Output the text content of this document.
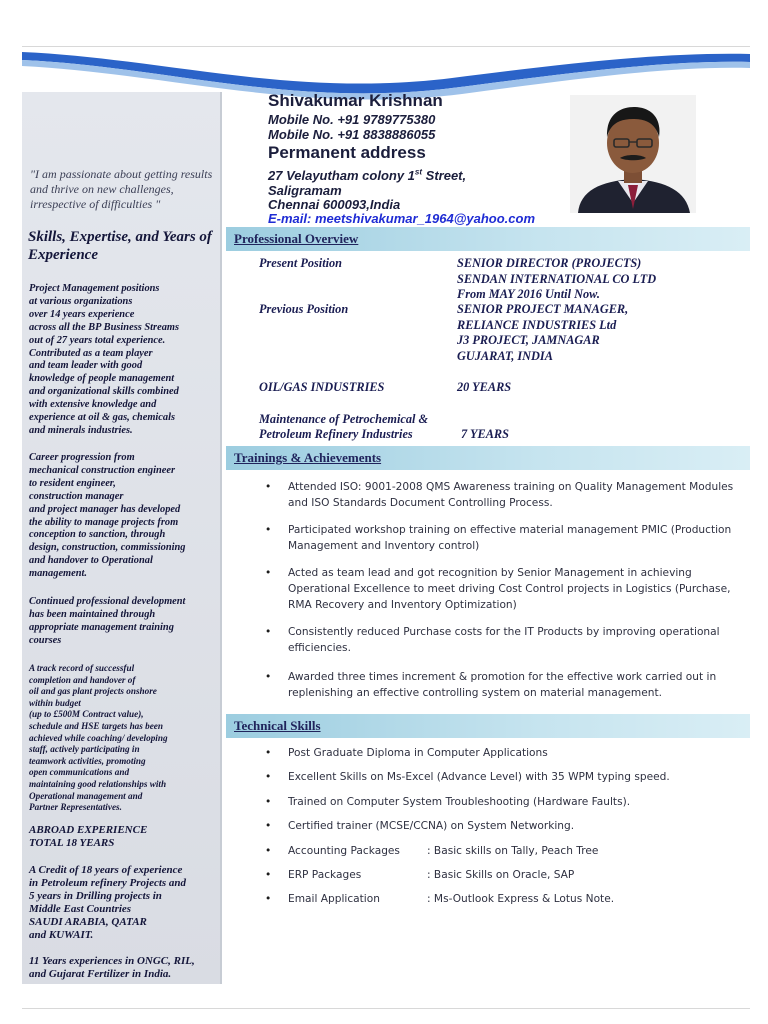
"I am passionate about getting results and thrive on new challenges, irrespective of difficulties "
Skills, Expertise, and Years of Experience
Project Management positions
at various organizations
over 14 years experience
across all the BP Business Streams
out of 27 years total experience.
Contributed as a team player
and team leader with good
knowledge of people management
and organizational skills combined
with extensive knowledge and
experience at oil & gas, chemicals
and minerals industries.
Career progression from
mechanical construction engineer
to resident engineer,
construction manager
and project manager has developed
the ability to manage projects from
conception to sanction, through
design, construction, commissioning
and handover to Operational
management.
Continued professional development
has been maintained through
appropriate management training
courses
A track record of successful
completion and handover of
oil and gas plant projects onshore
within budget
(up to £500M Contract value),
schedule and HSE targets has been
achieved while coaching/ developing
staff, actively participating in
teamwork activities, promoting
open communications and
maintaining good relationships with
Operational management and
Partner Representatives.
ABROAD EXPERIENCE
TOTAL 18 YEARS
A Credit of 18 years of experience
in Petroleum refinery Projects and
5 years in Drilling projects in
Middle East Countries
SAUDI ARABIA, QATAR
and KUWAIT.
11 Years experiences in ONGC, RIL,
and Gujarat Fertilizer in India.
Shivakumar Krishnan
Mobile No. +91 9789775380
Mobile No. +91 8838886055
Permanent address
27 Velayutham colony 1st Street,
Saligramam
Chennai 600093,India
E-mail: meetshivakumar_1964@yahoo.com
Professional Overview
Present Position	SENIOR DIRECTOR (PROJECTS)
SENDAN INTERNATIONAL CO LTD
From MAY 2016 Until Now.
Previous Position	SENIOR PROJECT MANAGER,
RELIANCE INDUSTRIES Ltd
J3 PROJECT, JAMNAGAR
GUJARAT, INDIA
OIL/GAS INDUSTRIES	20 YEARS
Maintenance of Petrochemical &
Petroleum Refinery Industries	7 YEARS
Trainings & Achievements
• Attended ISO: 9001-2008 QMS Awareness training on Quality Management Modules and ISO Standards Document Controlling Process.
• Participated workshop training on effective material management PMIC (Production Management and Inventory control)
• Acted as team lead and got recognition by Senior Management in achieving Operational Excellence to meet driving Cost Control projects in Logistics (Purchase, RMA Recovery and Inventory Optimization)
• Consistently reduced Purchase costs for the IT Products by improving operational efficiencies.
• Awarded three times increment & promotion for the effective work carried out in replenishing an effective controlling system on material management.
Technical Skills
• Post Graduate Diploma in Computer Applications
• Excellent Skills on Ms-Excel (Advance Level) with 35 WPM typing speed.
• Trained on Computer System Troubleshooting (Hardware Faults).
• Certified trainer (MCSE/CCNA) on System Networking.
• Accounting Packages	: Basic skills on Tally, Peach Tree
• ERP Packages	: Basic Skills on Oracle, SAP
• Email Application	: Ms-Outlook Express & Lotus Note.
